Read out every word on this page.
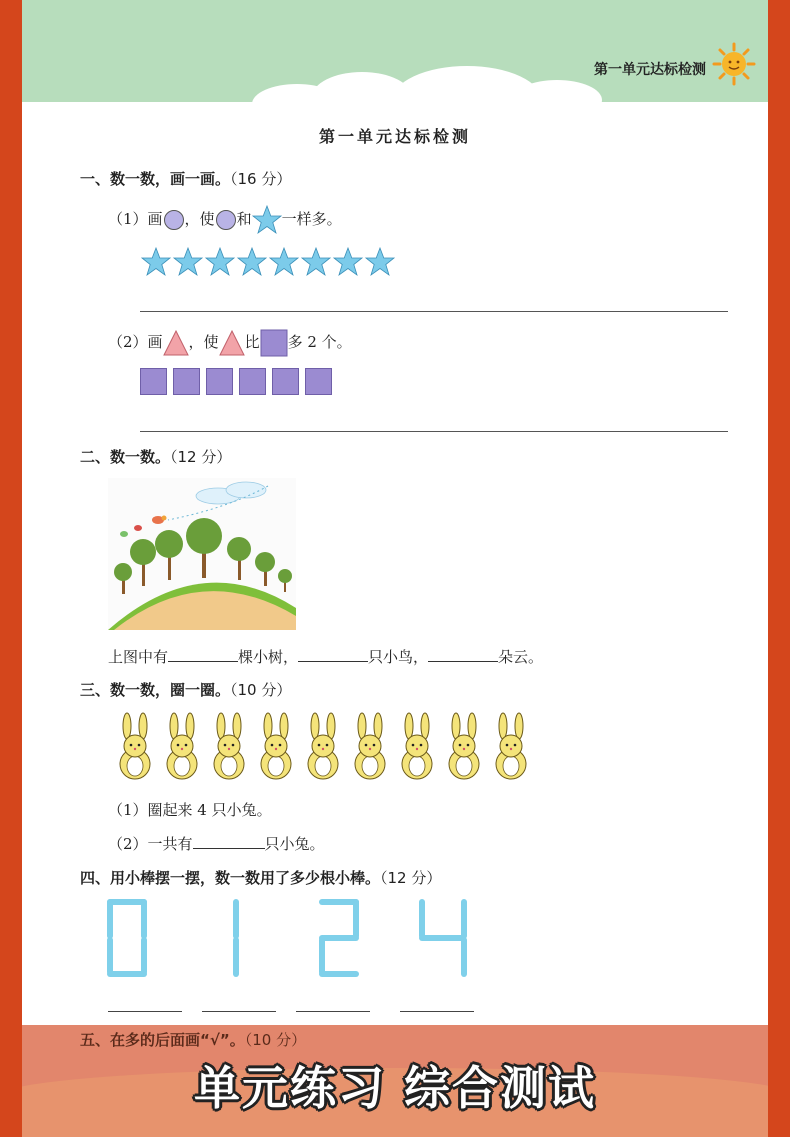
第一单元达标检测
第一单元达标检测
一、数一数，画一画。（16 分）
（1）画 ，使 和 一样多。
（2）画 ，使 比 多 2 个。
二、数一数。（12 分）
上图中有	棵小树，	只小鸟，	朵云。
三、数一数，圈一圈。（10 分）
（1）圈起来 4 只小兔。
（2）一共有	只小兔。
四、用小棒摆一摆，数一数用了多少根小棒。（12 分）
五、在多的后面画“√”。（10 分）
单元练习 综合测试
